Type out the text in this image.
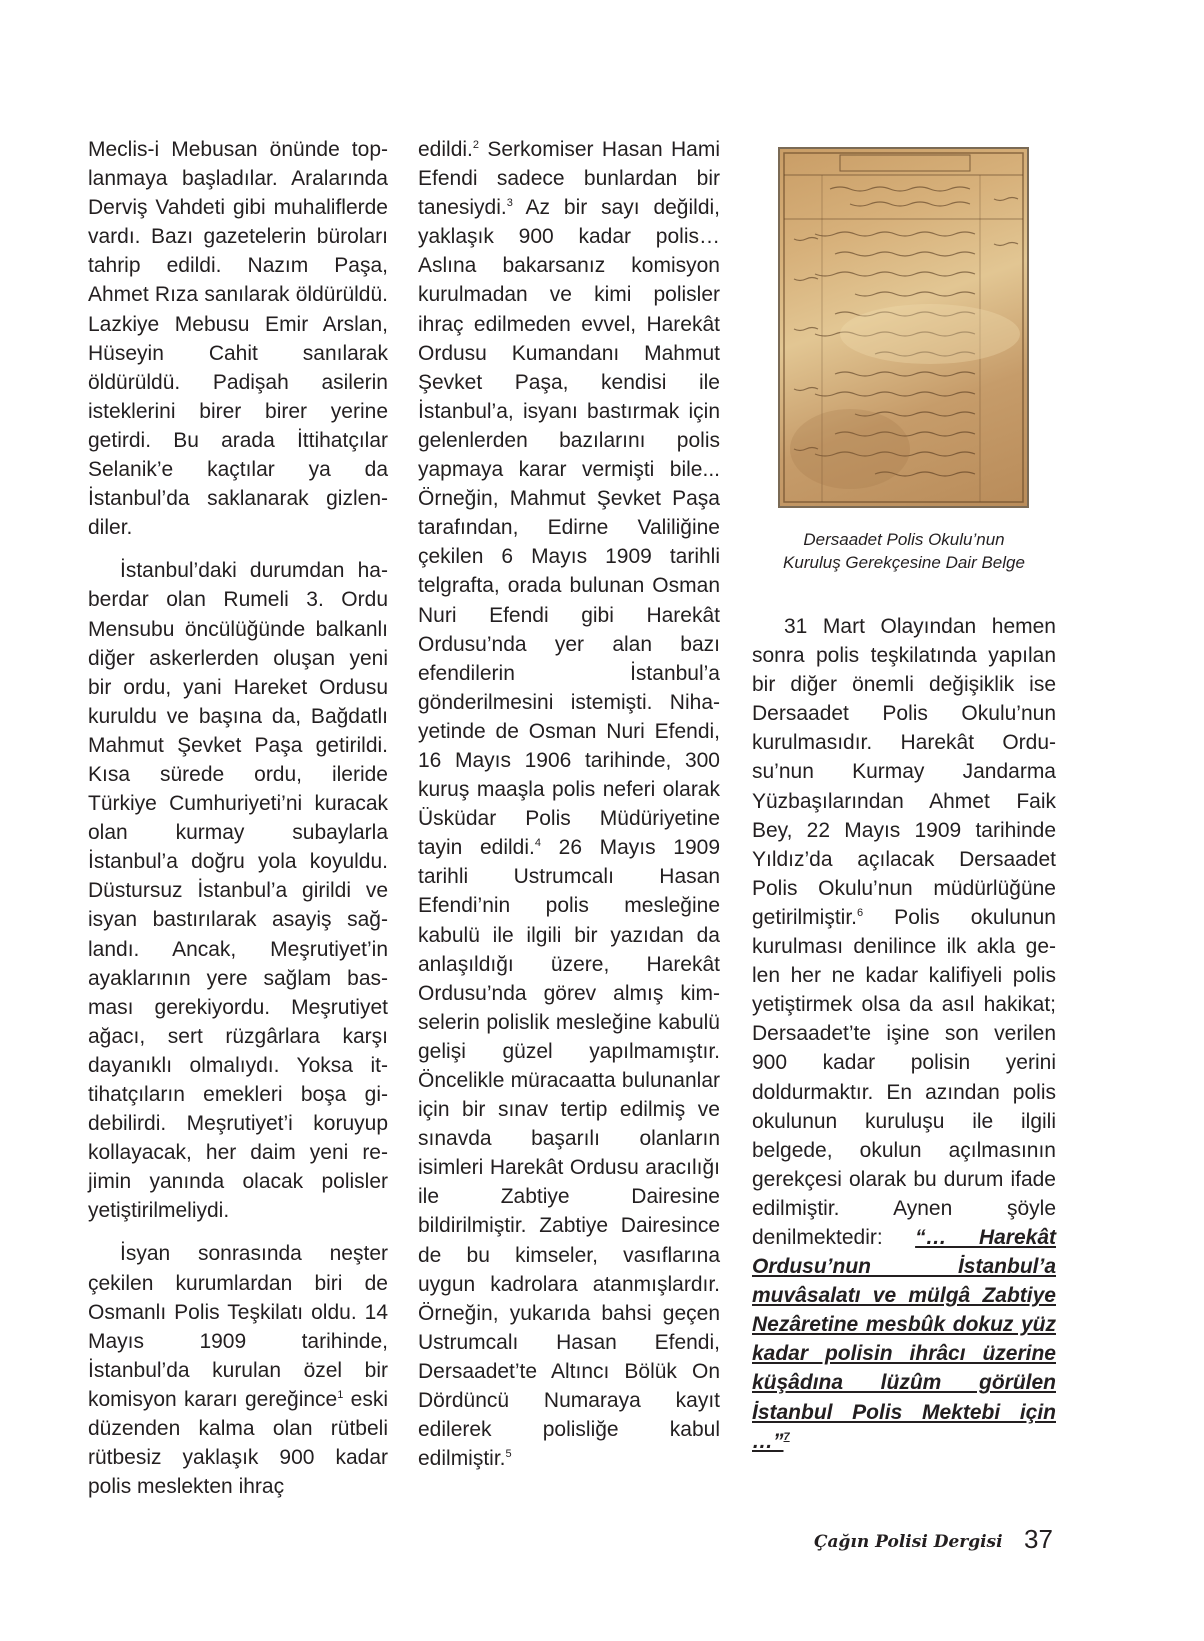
Meclis-i Mebusan önünde toplanmaya başladılar. Aralarında Derviş Vahdeti gibi muhaliflerde vardı. Bazı gazetelerin büroları tahrip edildi. Nazım Paşa, Ahmet Rıza sanılarak öldürüldü. Lazkiye Mebusu Emir Arslan, Hüseyin Cahit sanılarak öldürüldü. Padişah asilerin isteklerini birer birer yerine getirdi. Bu arada İttihatçılar Selanik’e kaçtılar ya da İstanbul’da saklanarak gizlendiler.

İstanbul’daki durumdan haberdar olan Rumeli 3. Ordu Mensubu öncülüğünde balkanlı diğer askerlerden oluşan yeni bir ordu, yani Hareket Ordusu kuruldu ve başına da, Bağdatlı Mahmut Şevket Paşa getirildi. Kısa sürede ordu, ileride Türkiye Cumhuriyeti’ni kuracak olan kurmay subaylarla İstanbul’a doğru yola koyuldu. Düstursuz İstanbul’a girildi ve isyan bastırılarak asayiş sağlandı. Ancak, Meşrutiyet’in ayaklarının yere sağlam basması gerekiyordu. Meşrutiyet ağacı, sert rüzgârlara karşı dayanıklı olmalıydı. Yoksa ittihatçıların emekleri boşa gidebilirdi. Meşrutiyet’i koruyup kollayacak, her daim yeni rejimin yanında olacak polisler yetiştirilmeliydi.

İsyan sonrasında neşter çekilen kurumlardan biri de Osmanlı Polis Teşkilatı oldu. 14 Mayıs 1909 tarihinde, İstanbul’da kurulan özel bir komisyon kararı gereğince$^1$ eski düzenden kalma olan rütbeli rütbesiz yaklaşık 900 kadar polis meslekten ihraç

edildi.$^2$ Serkomiser Hasan Hami Efendi sadece bunlardan bir tanesiydi.$^3$ Az bir sayı değildi, yaklaşık 900 kadar polis… Aslına bakarsanız komisyon kurulmadan ve kimi polisler ihraç edilmeden evvel, Harekât Ordusu Kumandanı Mahmut Şevket Paşa, kendisi ile İstanbul’a, isyanı bastırmak için gelenlerden bazılarını polis yapmaya karar vermişti bile... Örneğin, Mahmut Şevket Paşa tarafından, Edirne Valiliğine çekilen 6 Mayıs 1909 tarihli telgrafta, orada bulunan Osman Nuri Efendi gibi Harekât Ordusu’nda yer alan bazı efendilerin İstanbul’a gönderilmesini istemişti. Nihayetinde de Osman Nuri Efendi, 16 Mayıs 1906 tarihinde, 300 kuruş maaşla polis neferi olarak Üsküdar Polis Müdüriyetine tayin edildi.$^4$ 26 Mayıs 1909 tarihli Ustrumcalı Hasan Efendi’nin polis mesleğine kabulü ile ilgili bir yazıdan da anlaşıldığı üzere, Harekât Ordusu’nda görev almış kimselerin polislik mesleğine kabulü gelişi güzel yapılmamıştır. Öncelikle müracaatta bulunanlar için bir sınav tertip edilmiş ve sınavda başarılı olanların isimleri Harekât Ordusu aracılığı ile Zabtiye Dairesine bildirilmiştir. Zabtiye Dairesince de bu kimseler, vasıflarına uygun kadrolara atanmışlardır. Örneğin, yukarıda bahsi geçen Ustrumcalı Hasan Efendi, Dersaadet’te Altıncı Bölük On Dördüncü Numaraya kayıt edilerek polisliğe kabul edilmiştir.$^5$

Dersaadet Polis Okulu’nun
Kuruluş Gerekçesine Dair Belge

31 Mart Olayından hemen sonra polis teşkilatında yapılan bir diğer önemli değişiklik ise Dersaadet Polis Okulu’nun kurulmasıdır. Harekât Ordusu’nun Kurmay Jandarma Yüzbaşılarından Ahmet Faik Bey, 22 Mayıs 1909 tarihinde Yıldız’da açılacak Dersaadet Polis Okulu’nun müdürlüğüne getirilmiştir.$^6$ Polis okulunun kurulması denilince ilk akla gelen her ne kadar kalifiyeli polis yetiştirmek olsa da asıl hakikat; Dersaadet’te işine son verilen 900 kadar polisin yerini doldurmaktır. En azından polis okulunun kuruluşu ile ilgili belgede, okulun açılmasının gerekçesi olarak bu durum ifade edilmiştir. Aynen şöyle denilmektedir: “… Harekât Ordusu’nun İstanbul’a muvâsalatı ve mülgâ Zabtiye Nezâretine mesbûk dokuz yüz kadar polisin ihrâcı üzerine küşâdına lüzûm görülen İstanbul Polis Mektebi için …”$^7$

Çağın Polisi Dergisi 37
